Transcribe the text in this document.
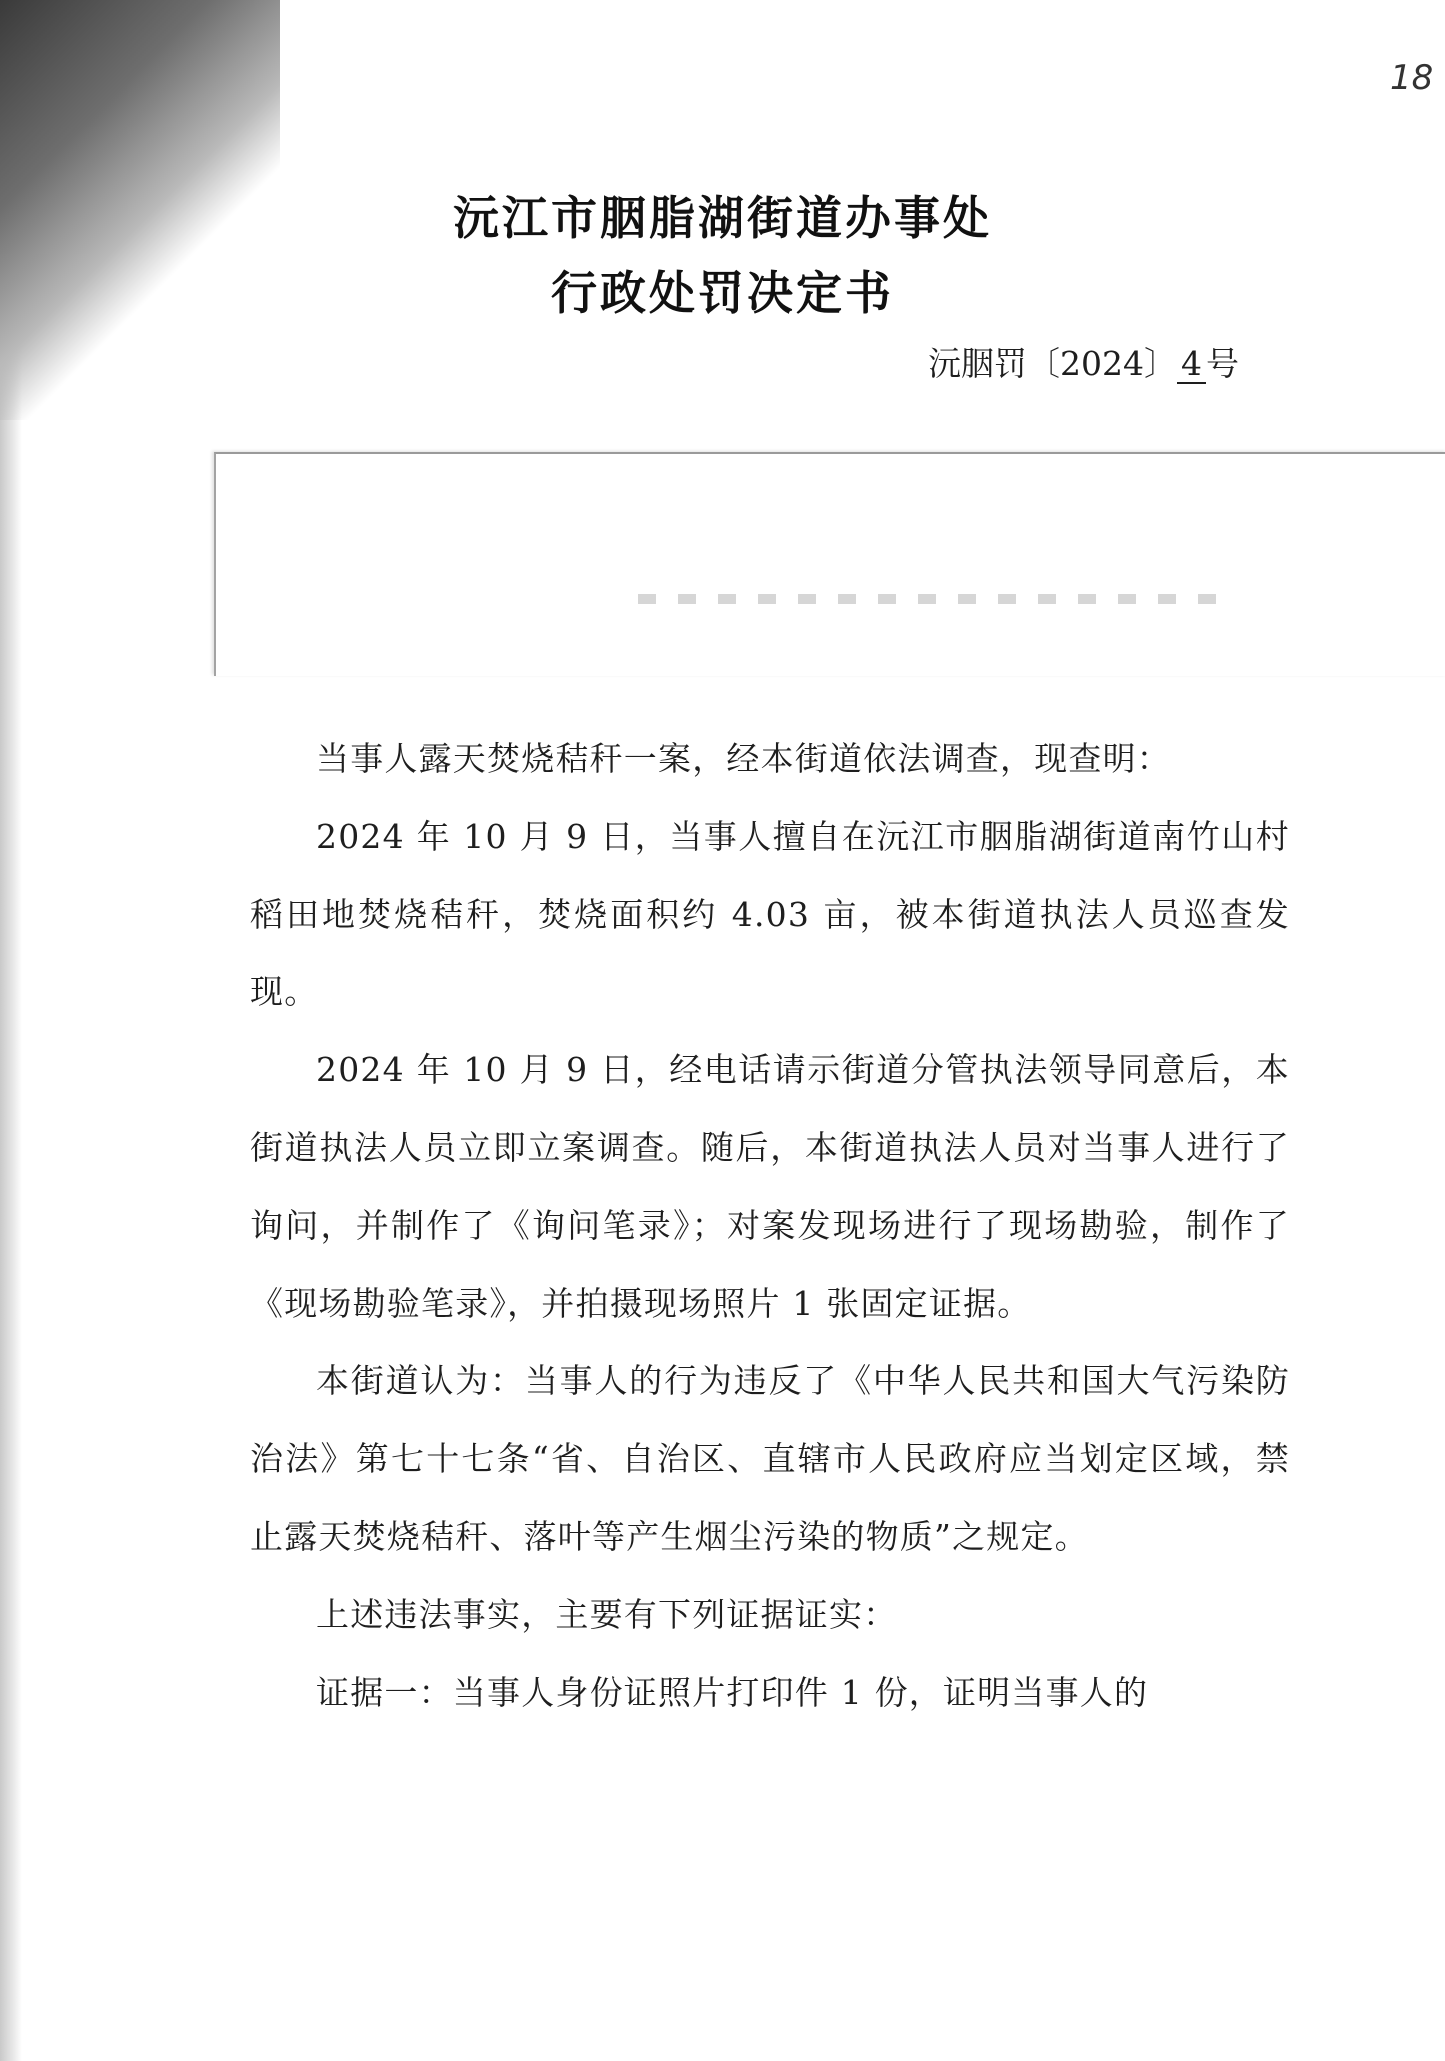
18
沅江市胭脂湖街道办事处
行政处罚决定书
沅胭罚〔2024〕 4 号

当事人露天焚烧秸秆一案，经本街道依法调查，现查明：

2024 年 10 月 9 日，当事人擅自在沅江市胭脂湖街道南竹山村稻田地焚烧秸秆，焚烧面积约 4.03 亩，被本街道执法人员巡查发现。

2024 年 10 月 9 日，经电话请示街道分管执法领导同意后，本街道执法人员立即立案调查。随后，本街道执法人员对当事人进行了询问，并制作了《询问笔录》；对案发现场进行了现场勘验，制作了《现场勘验笔录》，并拍摄现场照片 1 张固定证据。

本街道认为：当事人的行为违反了《中华人民共和国大气污染防治法》第七十七条“省、自治区、直辖市人民政府应当划定区域，禁止露天焚烧秸秆、落叶等产生烟尘污染的物质”之规定。

上述违法事实，主要有下列证据证实：

证据一：当事人身份证照片打印件 1 份，证明当事人的
